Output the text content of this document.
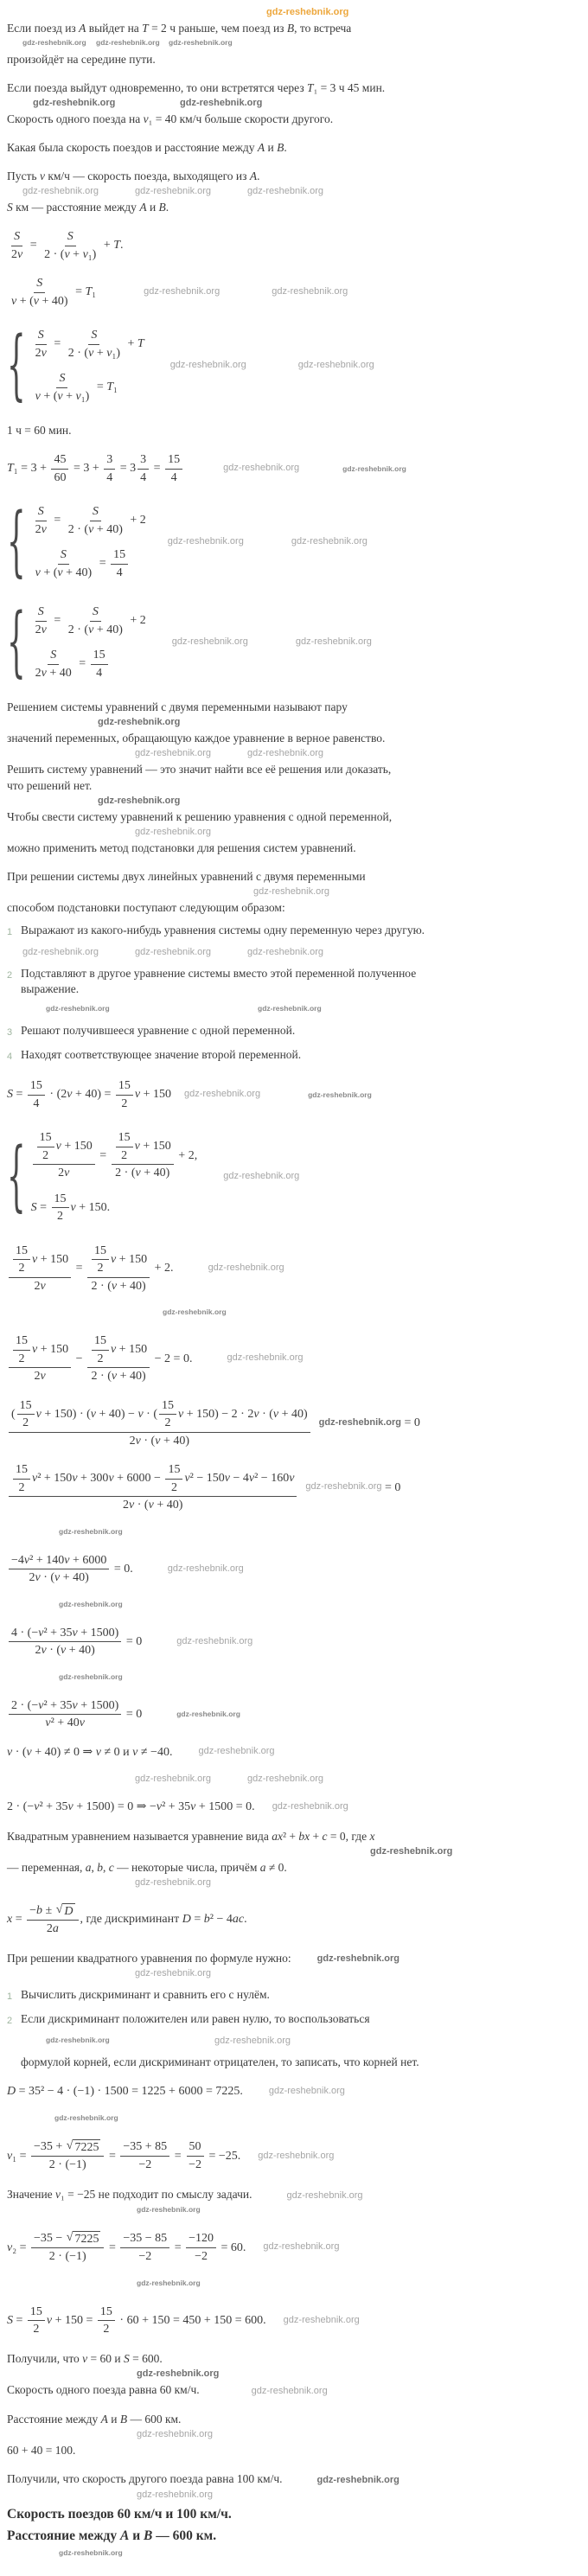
gdz-reshebnik.org
Если поезд из A выйдет на T = 2 ч раньше, чем поезд из B, то встреча
gdz-reshebnik.org gdz-reshebnik.org gdz-reshebnik.org
произойдёт на середине пути.
Если поезда выйдут одновременно, то они встретятся через T₁ = 3 ч 45 мин.
gdz-reshebnik.org	gdz-reshebnik.org
Скорость одного поезда на v₁ = 40 км/ч больше скорости другого.
Какая была скорость поездов и расстояние между A и B.
Пусть v км/ч — скорость поезда, выходящего из A.
gdz-reshebnik.org	gdz-reshebnik.org	gdz-reshebnik.org
S км — расстояние между A и B.
$\frac{S}{2v} = \frac{S}{\text{2 · (v + v₁)}} + T$.
$\frac{S}{v + (v + 40)} = T_1$	gdz-reshebnik.org	gdz-reshebnik.org
{ $\frac{S}{2v} = \frac{S}{\text{2 · (v + v₁)}} + T$
$\frac{S}{\text{v + (v + v₁)}} = T_1$
gdz-reshebnik.org	gdz-reshebnik.org
1 ч = 60 мин.
$T_1 = 3 + \frac{45}{60} = 3 + \frac{3}{4} = 3 \frac{3}{4} = \frac{15}{4}$	gdz-reshebnik.org	gdz-reshebnik.org
{ $\frac{S}{2v} = \frac{S}{2 \cdot (v + 40)} + 2$
$\frac{S}{v + (v + 40)} = \frac{15}{4}$
gdz-reshebnik.org	gdz-reshebnik.org
{ $\frac{S}{2v} = \frac{S}{2 \cdot (v + 40)} + 2$
$\frac{S}{2v + 40} = \frac{15}{4}$
gdz-reshebnik.org	gdz-reshebnik.org
Решением системы уравнений с двумя переменными называют пару
gdz-reshebnik.org
значений переменных, обращающую каждое уравнение в верное равенство.
gdz-reshebnik.org	gdz-reshebnik.org
Решить систему уравнений — это значит найти все её решения или доказать,
что решений нет.
gdz-reshebnik.org
Чтобы свести систему уравнений к решению уравнения с одной переменной,
gdz-reshebnik.org
можно применить метод подстановки для решения систем уравнений.
При решении системы двух линейных уравнений с двумя переменными
gdz-reshebnik.org
способом подстановки поступают следующим образом:
1 Выражают из какого-нибудь уравнения системы одну переменную через другую.
gdz-reshebnik.org	gdz-reshebnik.org	gdz-reshebnik.org
2 Подставляют в другое уравнение системы вместо этой переменной полученное выражение.
gdz-reshebnik.org	gdz-reshebnik.org
3 Решают получившееся уравнение с одной переменной.
4 Находят соответствующее значение второй переменной.
$S = \frac{15}{4} \cdot (2v + 40) = \frac{15}{2}$ v + 150 gdz-reshebnik.org	gdz-reshebnik.org
{ $\frac{\frac{15}{2} v + 150}{2v} = \frac{\frac{15}{2} v + 150}{2 \cdot (v + 40)} + 2$,
$S = \frac{15}{2}$ v + 150.
gdz-reshebnik.org
$\frac{\frac{15}{2} v + 150}{2v} = \frac{\frac{15}{2} v + 150}{2 \cdot (v + 40)} + 2$.	gdz-reshebnik.org
gdz-reshebnik.org
$\frac{\frac{15}{2} v + 150}{2v} - \frac{\frac{15}{2} v + 150}{2 \cdot (v + 40)} - 2 = 0$.	gdz-reshebnik.org
( $\frac{15}{2}$ v + 150) · (v + 40) − v · ( $\frac{15}{2}$ v + 150) − 2 · 2v · (v + 40)
2v · (v + 40)
gdz-reshebnik.org = 0
$\frac{\frac{15}{2} v^2 + 150v + 300v + 6000 - \frac{15}{2} v^2 - 150v - 4v^2 - 160v}{2v \cdot (v + 40)}$ gdz-reshebnik.org = 0
gdz-reshebnik.org
$\frac{\text{−4v² + 140v + 6000}}{2v \cdot (v + 40)} = 0$.	gdz-reshebnik.org
gdz-reshebnik.org
$\frac{\text{4 · (−v² + 35v + 1500)}}{2v \cdot (v + 40)} = 0$	gdz-reshebnik.org
gdz-reshebnik.org
$\frac{\text{2 · (−v² + 35v + 1500)}}{\text{v² + 40v}} = 0$	gdz-reshebnik.org
v · (v + 40) ≠ 0 ⇒ v ≠ 0 и v ≠ −40.	gdz-reshebnik.org
gdz-reshebnik.org	gdz-reshebnik.org
2 · (−v² + 35v + 1500) = 0 ⇒ −v² + 35v + 1500 = 0. gdz-reshebnik.org
Квадратным уравнением называется уравнение вида ax² + bx + c = 0, где x
gdz-reshebnik.org
— переменная, a, b, c — некоторые числа, причём a ≠ 0.
gdz-reshebnik.org
$x = \frac{-b \pm √ D}{2a}$ , где дискриминант D = b² − 4ac.
При решении квадратного уравнения по формуле нужно:	gdz-reshebnik.org
gdz-reshebnik.org
1 Вычислить дискриминант и сравнить его с нулём.
2 Если дискриминант положителен или равен нулю, то воспользоваться
gdz-reshebnik.org	gdz-reshebnik.org
формулой корней, если дискриминант отрицателен, то записать, что корней нет.
D = 35² − 4 · (−1) · 1500 = 1225 + 6000 = 7225.	gdz-reshebnik.org
gdz-reshebnik.org
$v_1 = \frac{-35 + √ 7225}{2 \cdot (-1)} = \frac{-35 + 85}{-2} = \frac{50}{-2} = -25$. gdz-reshebnik.org
Значение v₁ = −25 не подходит по смыслу задачи.	gdz-reshebnik.org
gdz-reshebnik.org
$v_2 = \frac{-35 - √ 7225}{2 \cdot (-1)} = \frac{-35 - 85}{-2} = \frac{-120}{-2} = 60$. gdz-reshebnik.org
gdz-reshebnik.org
$S = \frac{15}{2}$ $v + 150 = \frac{15}{2} \cdot 60 + 150 = 450 + 150 = 600$. gdz-reshebnik.org
Получили, что v = 60 и S = 600.
gdz-reshebnik.org
Скорость одного поезда равна 60 км/ч.	gdz-reshebnik.org
Расстояние между A и B — 600 км.
gdz-reshebnik.org
60 + 40 = 100.
Получили, что скорость другого поезда равна 100 км/ч.	gdz-reshebnik.org
gdz-reshebnik.org
Скорость поездов 60 км/ч и 100 км/ч.
Расстояние между A и B — 600 км.
gdz-reshebnik.org
